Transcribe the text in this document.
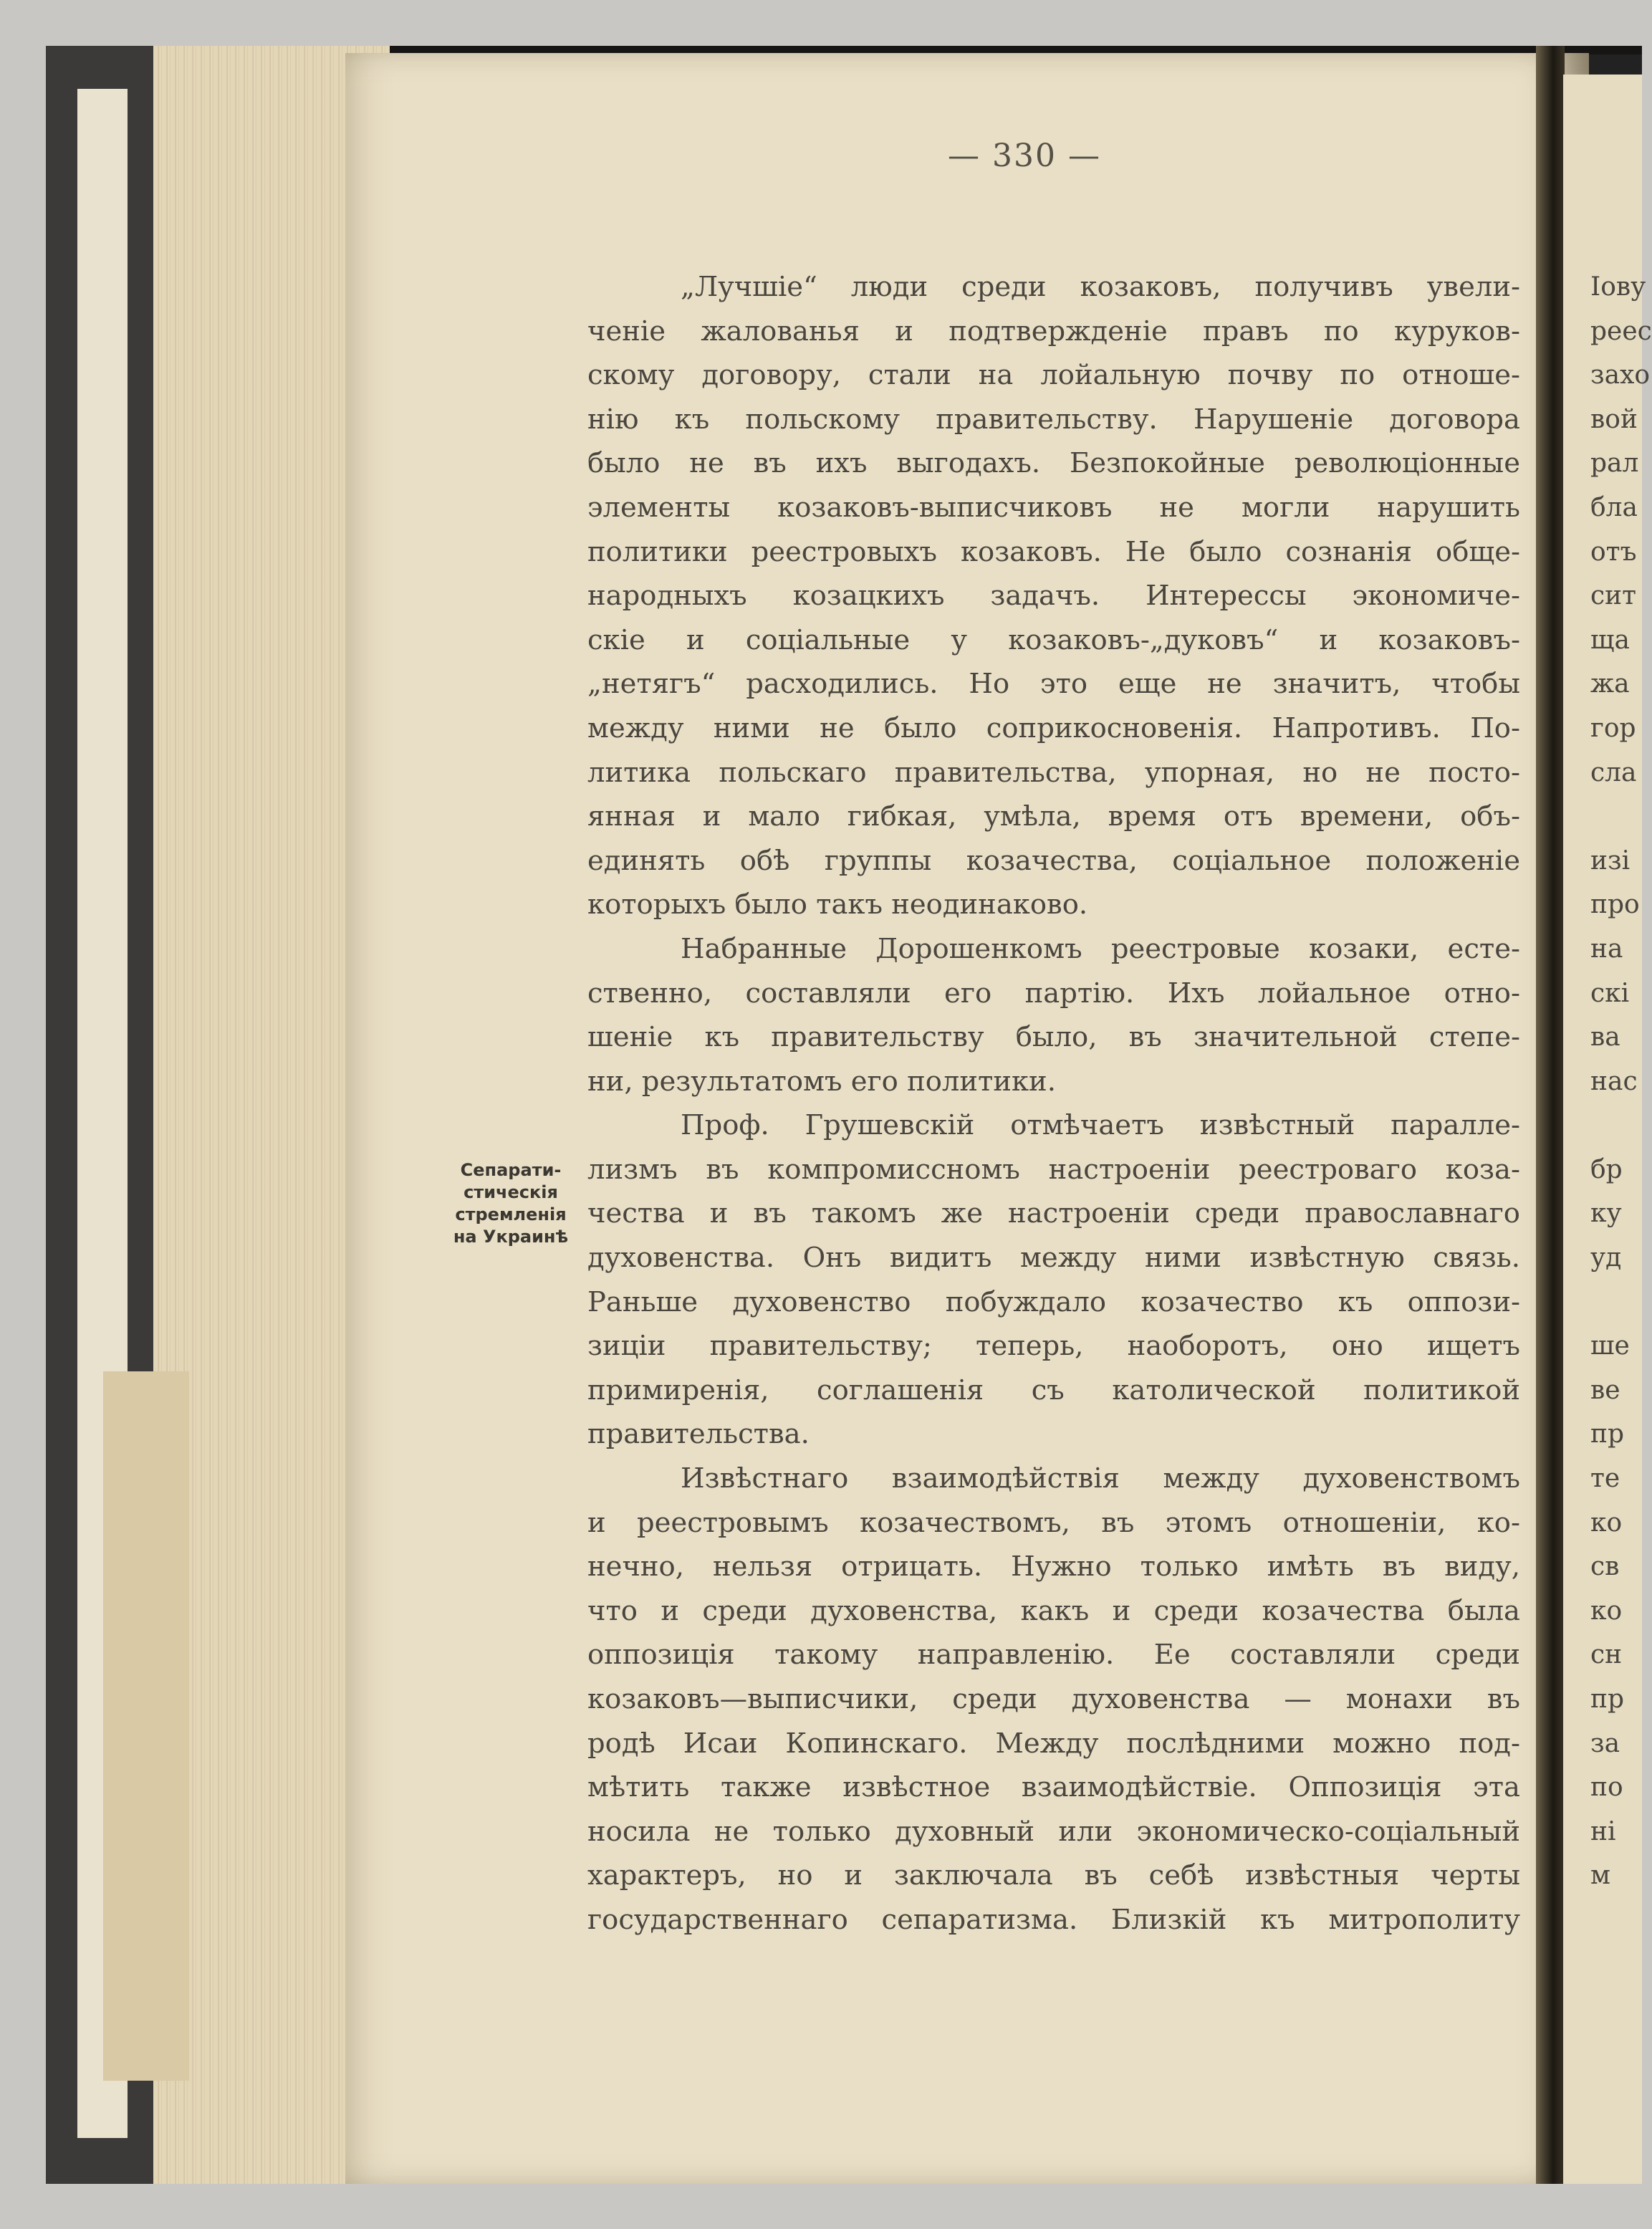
— 330 —
Сепарати-
стическія
стремленія
на Украинѣ
„Лучшіе“ люди среди козаковъ, получивъ увели-
ченіе жалованья и подтвержденіе правъ по куруков-
скому договору, стали на лойальную почву по отноше-
нію къ польскому правительству. Нарушеніе договора
было не въ ихъ выгодахъ. Безпокойные революціонные
элементы козаковъ-выписчиковъ не могли нарушить
политики реестровыхъ козаковъ. Не было сознанія обще-
народныхъ козацкихъ задачъ. Интерессы экономиче-
скіе и соціальные у козаковъ-„дуковъ“ и козаковъ-
„нетягъ“ расходились. Но это еще не значитъ, чтобы
между ними не было соприкосновенія. Напротивъ. По-
литика польскаго правительства, упорная, но не посто-
янная и мало гибкая, умѣла, время отъ времени, объ-
единять обѣ группы козачества, соціальное положеніе
которыхъ было такъ неодинаково.
Набранные Дорошенкомъ реестровые козаки, есте-
ственно, составляли его партію. Ихъ лойальное отно-
шеніе къ правительству было, въ значительной степе-
ни, результатомъ его политики.
Проф. Грушевскій отмѣчаетъ извѣстный паралле-
лизмъ въ компромиссномъ настроеніи реестроваго коза-
чества и въ такомъ же настроеніи среди православнаго
духовенства. Онъ видитъ между ними извѣстную связь.
Раньше духовенство побуждало козачество къ оппози-
зиціи правительству; теперь, наоборотъ, оно ищетъ
примиренія, соглашенія съ католической политикой
правительства.
Извѣстнаго взаимодѣйствія между духовенствомъ
и реестровымъ козачествомъ, въ этомъ отношеніи, ко-
нечно, нельзя отрицать. Нужно только имѣть въ виду,
что и среди духовенства, какъ и среди козачества была
оппозиція такому направленію. Ее составляли среди
козаковъ—выписчики, среди духовенства — монахи въ
родѣ Исаи Копинскаго. Между послѣдними можно под-
мѣтить также извѣстное взаимодѣйствіе. Оппозиція эта
носила не только духовный или экономическо-соціальный
характеръ, но и заключала въ себѣ извѣстныя черты
государственнаго сепаратизма. Близкій къ митрополиту
Іову
реес
захо
вой
рал
бла
отъ
сит
ща
жа
гор
сла
изі
про
на
скі
ва
нас
бр
ку
уд
ше
ве
пр
те
ко
св
ко
сн
пр
за
по
ні
м
